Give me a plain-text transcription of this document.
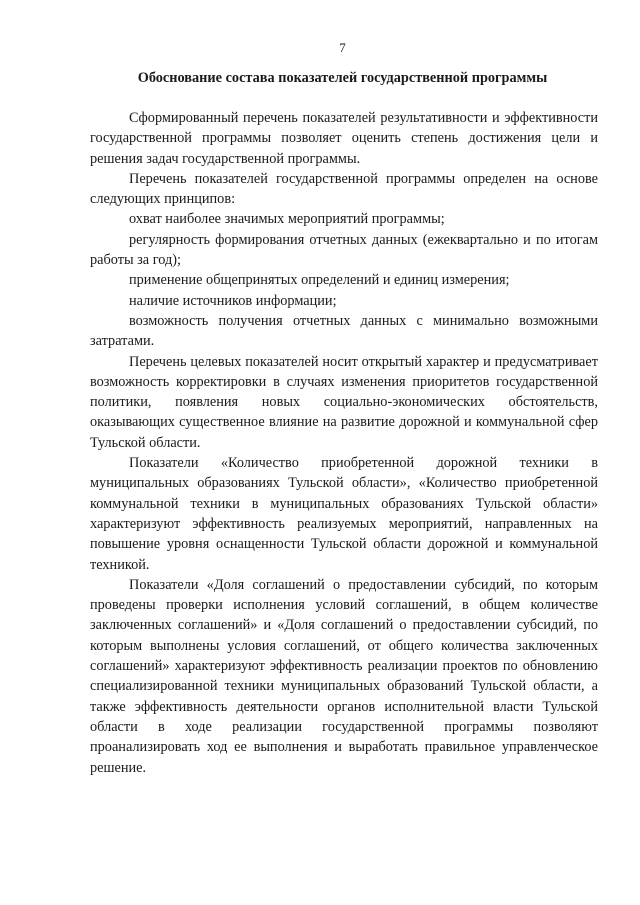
7
Обоснование состава показателей государственной программы

Сформированный перечень показателей результативности и эффективности государственной программы позволяет оценить степень достижения цели и решения задач государственной программы.

Перечень показателей государственной программы определен на основе следующих принципов:

охват наиболее значимых мероприятий программы;

регулярность формирования отчетных данных (ежеквартально и по итогам работы за год);

применение общепринятых определений и единиц измерения;

наличие источников информации;

возможность получения отчетных данных с минимально возможными затратами.

Перечень целевых показателей носит открытый характер и предусматривает возможность корректировки в случаях изменения приоритетов государственной политики, появления новых социально-экономических обстоятельств, оказывающих существенное влияние на развитие дорожной и коммунальной сфер Тульской области.

Показатели «Количество приобретенной дорожной техники в муниципальных образованиях Тульской области», «Количество приобретенной коммунальной техники в муниципальных образованиях Тульской области» характеризуют эффективность реализуемых мероприятий, направленных на повышение уровня оснащенности Тульской области дорожной и коммунальной техникой.

Показатели «Доля соглашений о предоставлении субсидий, по которым проведены проверки исполнения условий соглашений, в общем количестве заключенных соглашений» и «Доля соглашений о предоставлении субсидий, по которым выполнены условия соглашений, от общего количества заключенных соглашений» характеризуют эффективность реализации проектов по обновлению специализированной техники муниципальных образований Тульской области, а также эффективность деятельности органов исполнительной власти Тульской области в ходе реализации государственной программы позволяют проанализировать ход ее выполнения и выработать правильное управленческое решение.
